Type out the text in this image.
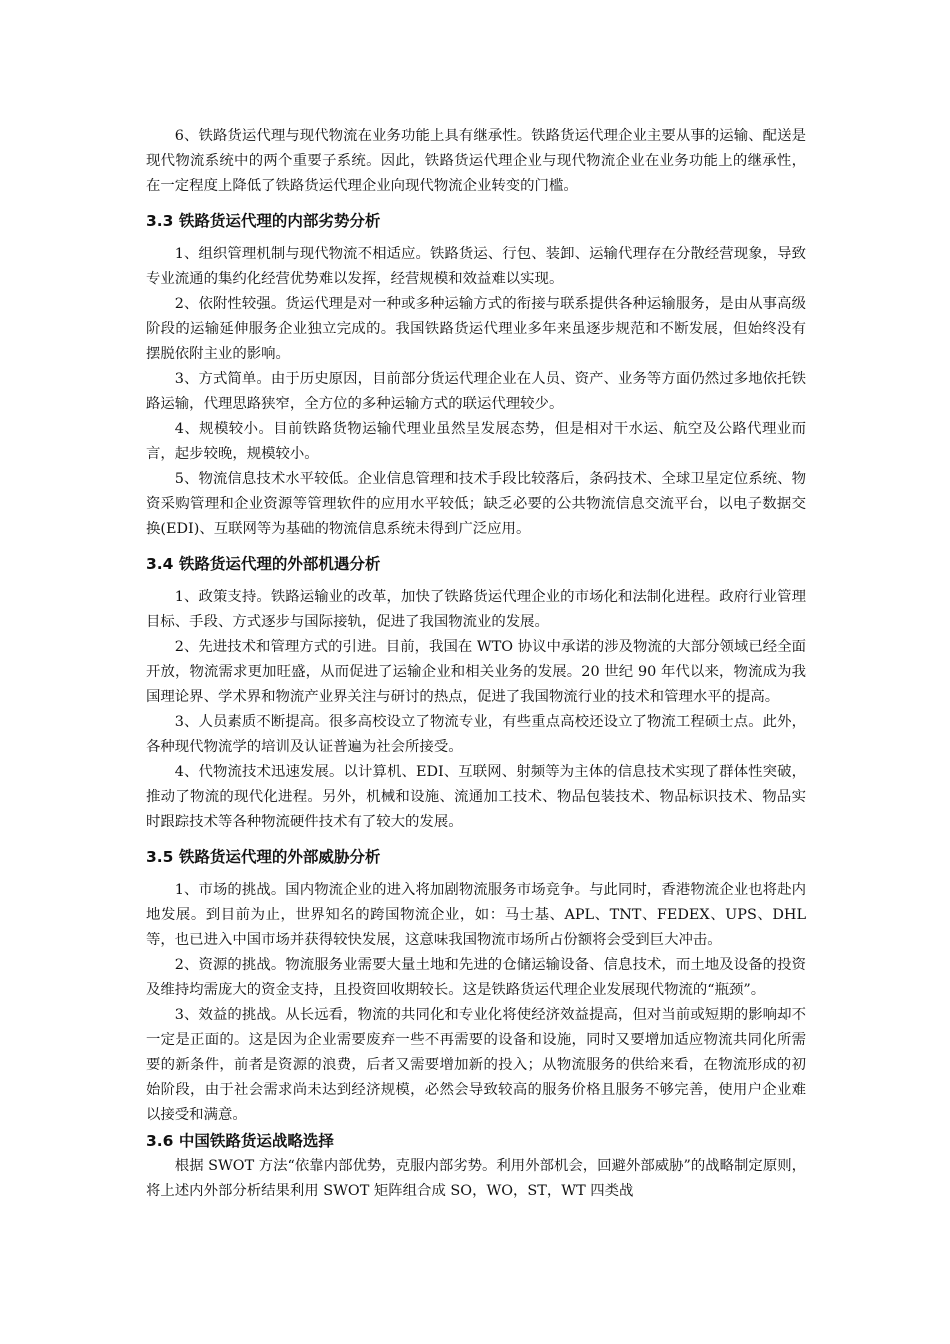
6、铁路货运代理与现代物流在业务功能上具有继承性。铁路货运代理企业主要从事的运输、配送是现代物流系统中的两个重要子系统。因此，铁路货运代理企业与现代物流企业在业务功能上的继承性，在一定程度上降低了铁路货运代理企业向现代物流企业转变的门槛。

3.3 铁路货运代理的内部劣势分析

1、组织管理机制与现代物流不相适应。铁路货运、行包、装卸、运输代理存在分散经营现象，导致专业流通的集约化经营优势难以发挥，经营规模和效益难以实现。

2、依附性较强。货运代理是对一种或多种运输方式的衔接与联系提供各种运输服务，是由从事高级阶段的运输延伸服务企业独立完成的。我国铁路货运代理业多年来虽逐步规范和不断发展，但始终没有摆脱依附主业的影响。

3、方式简单。由于历史原因，目前部分货运代理企业在人员、资产、业务等方面仍然过多地依托铁路运输，代理思路狭窄，全方位的多种运输方式的联运代理较少。

4、规模较小。目前铁路货物运输代理业虽然呈发展态势，但是相对干水运、航空及公路代理业而言，起步较晚，规模较小。

5、物流信息技术水平较低。企业信息管理和技术手段比较落后，条码技术、全球卫星定位系统、物资采购管理和企业资源等管理软件的应用水平较低；缺乏必要的公共物流信息交流平台，以电子数据交换(EDI)、互联网等为基础的物流信息系统未得到广泛应用。

3.4 铁路货运代理的外部机遇分析

1、政策支持。铁路运输业的改革，加快了铁路货运代理企业的市场化和法制化进程。政府行业管理目标、手段、方式逐步与国际接轨，促进了我国物流业的发展。

2、先进技术和管理方式的引进。目前，我国在 WTO 协议中承诺的涉及物流的大部分领域已经全面开放，物流需求更加旺盛，从而促进了运输企业和相关业务的发展。20 世纪 90 年代以来，物流成为我国理论界、学术界和物流产业界关注与研讨的热点，促进了我国物流行业的技术和管理水平的提高。

3、人员素质不断提高。很多高校设立了物流专业，有些重点高校还设立了物流工程硕士点。此外，各种现代物流学的培训及认证普遍为社会所接受。

4、代物流技术迅速发展。以计算机、EDI、互联网、射频等为主体的信息技术实现了群体性突破，推动了物流的现代化进程。另外，机械和设施、流通加工技术、物品包装技术、物品标识技术、物品实时跟踪技术等各种物流硬件技术有了较大的发展。

3.5 铁路货运代理的外部威胁分析

1、市场的挑战。国内物流企业的进入将加剧物流服务市场竞争。与此同时，香港物流企业也将赴内地发展。到目前为止，世界知名的跨国物流企业，如：马士基、APL、TNT、FEDEX、UPS、DHL 等，也已进入中国市场并获得较快发展，这意味我国物流市场所占份额将会受到巨大冲击。

2、资源的挑战。物流服务业需要大量土地和先进的仓储运输设备、信息技术，而土地及设备的投资及维持均需庞大的资金支持，且投资回收期较长。这是铁路货运代理企业发展现代物流的“瓶颈”。

3、效益的挑战。从长远看，物流的共同化和专业化将使经济效益提高，但对当前或短期的影响却不一定是正面的。这是因为企业需要废弃一些不再需要的设备和设施，同时又要增加适应物流共同化所需要的新条件，前者是资源的浪费，后者又需要增加新的投入；从物流服务的供给来看，在物流形成的初始阶段，由于社会需求尚未达到经济规模，必然会导致较高的服务价格且服务不够完善，使用户企业难以接受和满意。

3.6 中国铁路货运战略选择

根据 SWOT 方法“依靠内部优势，克服内部劣势。利用外部机会，回避外部威胁”的战略制定原则，将上述内外部分析结果利用 SWOT 矩阵组合成 SO，WO，ST，WT 四类战
